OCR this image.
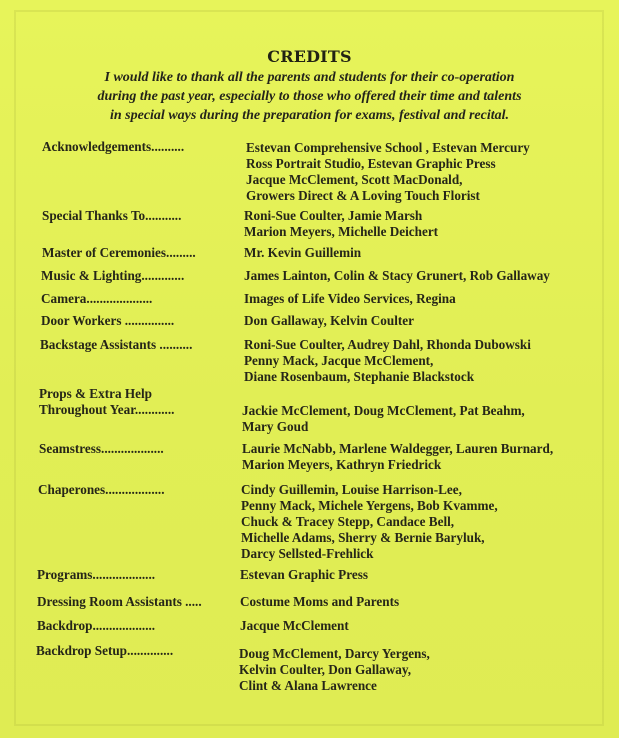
CREDITS
I would like to thank all the parents and students for their co-operation
during the past year, especially to those who offered their time and talents
in special ways during the preparation for exams, festival and recital.
Acknowledgements..........	Estevan Comprehensive School , Estevan Mercury
Ross Portrait Studio, Estevan Graphic Press
Jacque McClement, Scott MacDonald,
Growers Direct & A Loving Touch Florist
Special Thanks To...........	Roni-Sue Coulter, Jamie Marsh
Marion Meyers, Michelle Deichert
Master of Ceremonies.........	Mr. Kevin Guillemin
Music & Lighting.............	James Lainton, Colin & Stacy Grunert, Rob Gallaway
Camera....................	Images of Life Video Services, Regina
Door Workers ...............	Don Gallaway, Kelvin Coulter
Backstage Assistants ..........	Roni-Sue Coulter, Audrey Dahl, Rhonda Dubowski
Penny Mack, Jacque McClement,
Diane Rosenbaum, Stephanie Blackstock
Props & Extra Help
Throughout Year............	Jackie McClement, Doug McClement, Pat Beahm,
Mary Goud
Seamstress...................	Laurie McNabb, Marlene Waldegger, Lauren Burnard,
Marion Meyers, Kathryn Friedrick
Chaperones..................	Cindy Guillemin, Louise Harrison-Lee,
Penny Mack, Michele Yergens, Bob Kvamme,
Chuck & Tracey Stepp, Candace Bell,
Michelle Adams, Sherry & Bernie Baryluk,
Darcy Sellsted-Frehlick
Programs...................	Estevan Graphic Press
Dressing Room Assistants .....	Costume Moms and Parents
Backdrop...................	Jacque McClement
Backdrop Setup..............	Doug McClement, Darcy Yergens,
Kelvin Coulter, Don Gallaway,
Clint & Alana Lawrence
